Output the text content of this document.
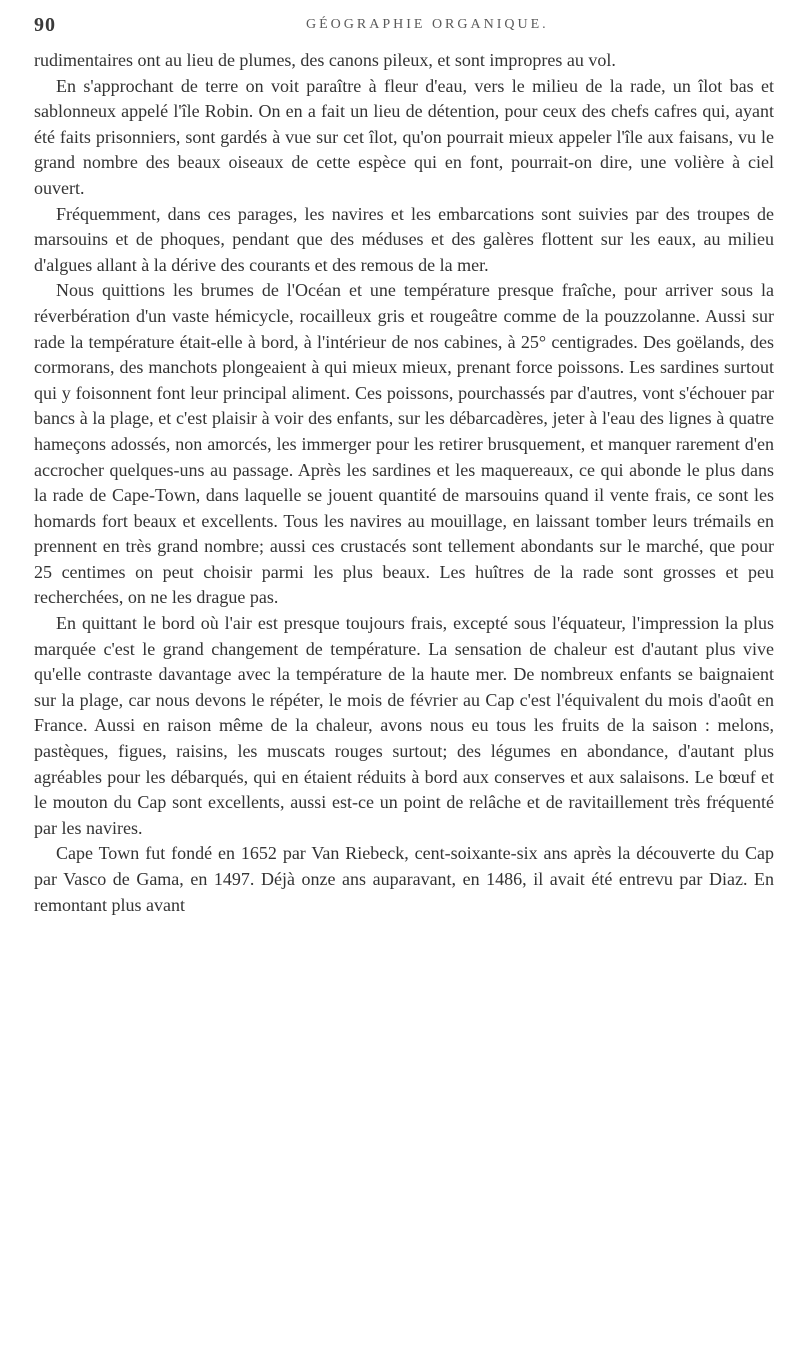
90	GÉOGRAPHIE ORGANIQUE.

rudimentaires ont au lieu de plumes, des canons pileux, et sont impropres au vol.

En s'approchant de terre on voit paraître à fleur d'eau, vers le milieu de la rade, un îlot bas et sablonneux appelé l'île Robin. On en a fait un lieu de détention, pour ceux des chefs cafres qui, ayant été faits prisonniers, sont gardés à vue sur cet îlot, qu'on pourrait mieux appeler l'île aux faisans, vu le grand nombre des beaux oiseaux de cette espèce qui en font, pourrait-on dire, une volière à ciel ouvert.

Fréquemment, dans ces parages, les navires et les embarcations sont suivies par des troupes de marsouins et de phoques, pendant que des méduses et des galères flottent sur les eaux, au milieu d'algues allant à la dérive des courants et des remous de la mer.

Nous quittions les brumes de l'Océan et une température presque fraîche, pour arriver sous la réverbération d'un vaste hémicycle, rocailleux gris et rougeâtre comme de la pouzzolanne. Aussi sur rade la température était-elle à bord, à l'intérieur de nos cabines, à 25° centigrades. Des goëlands, des cormorans, des manchots plongeaient à qui mieux mieux, prenant force poissons. Les sardines surtout qui y foisonnent font leur principal aliment. Ces poissons, pourchassés par d'autres, vont s'échouer par bancs à la plage, et c'est plaisir à voir des enfants, sur les débarcadères, jeter à l'eau des lignes à quatre hameçons adossés, non amorcés, les immerger pour les retirer brusquement, et manquer rarement d'en accrocher quelques-uns au passage. Après les sardines et les maquereaux, ce qui abonde le plus dans la rade de Cape-Town, dans laquelle se jouent quantité de marsouins quand il vente frais, ce sont les homards fort beaux et excellents. Tous les navires au mouillage, en laissant tomber leurs trémails en prennent en très grand nombre; aussi ces crustacés sont tellement abondants sur le marché, que pour 25 centimes on peut choisir parmi les plus beaux. Les huîtres de la rade sont grosses et peu recherchées, on ne les drague pas.

En quittant le bord où l'air est presque toujours frais, excepté sous l'équateur, l'impression la plus marquée c'est le grand changement de température. La sensation de chaleur est d'autant plus vive qu'elle contraste davantage avec la température de la haute mer. De nombreux enfants se baignaient sur la plage, car nous devons le répéter, le mois de février au Cap c'est l'équivalent du mois d'août en France. Aussi en raison même de la chaleur, avons nous eu tous les fruits de la saison : melons, pastèques, figues, raisins, les muscats rouges surtout; des légumes en abondance, d'autant plus agréables pour les débarqués, qui en étaient réduits à bord aux conserves et aux salaisons. Le bœuf et le mouton du Cap sont excellents, aussi est-ce un point de relâche et de ravitaillement très fréquenté par les navires.

Cape Town fut fondé en 1652 par Van Riebeck, cent-soixante-six ans après la découverte du Cap par Vasco de Gama, en 1497. Déjà onze ans auparavant, en 1486, il avait été entrevu par Diaz. En remontant plus avant
